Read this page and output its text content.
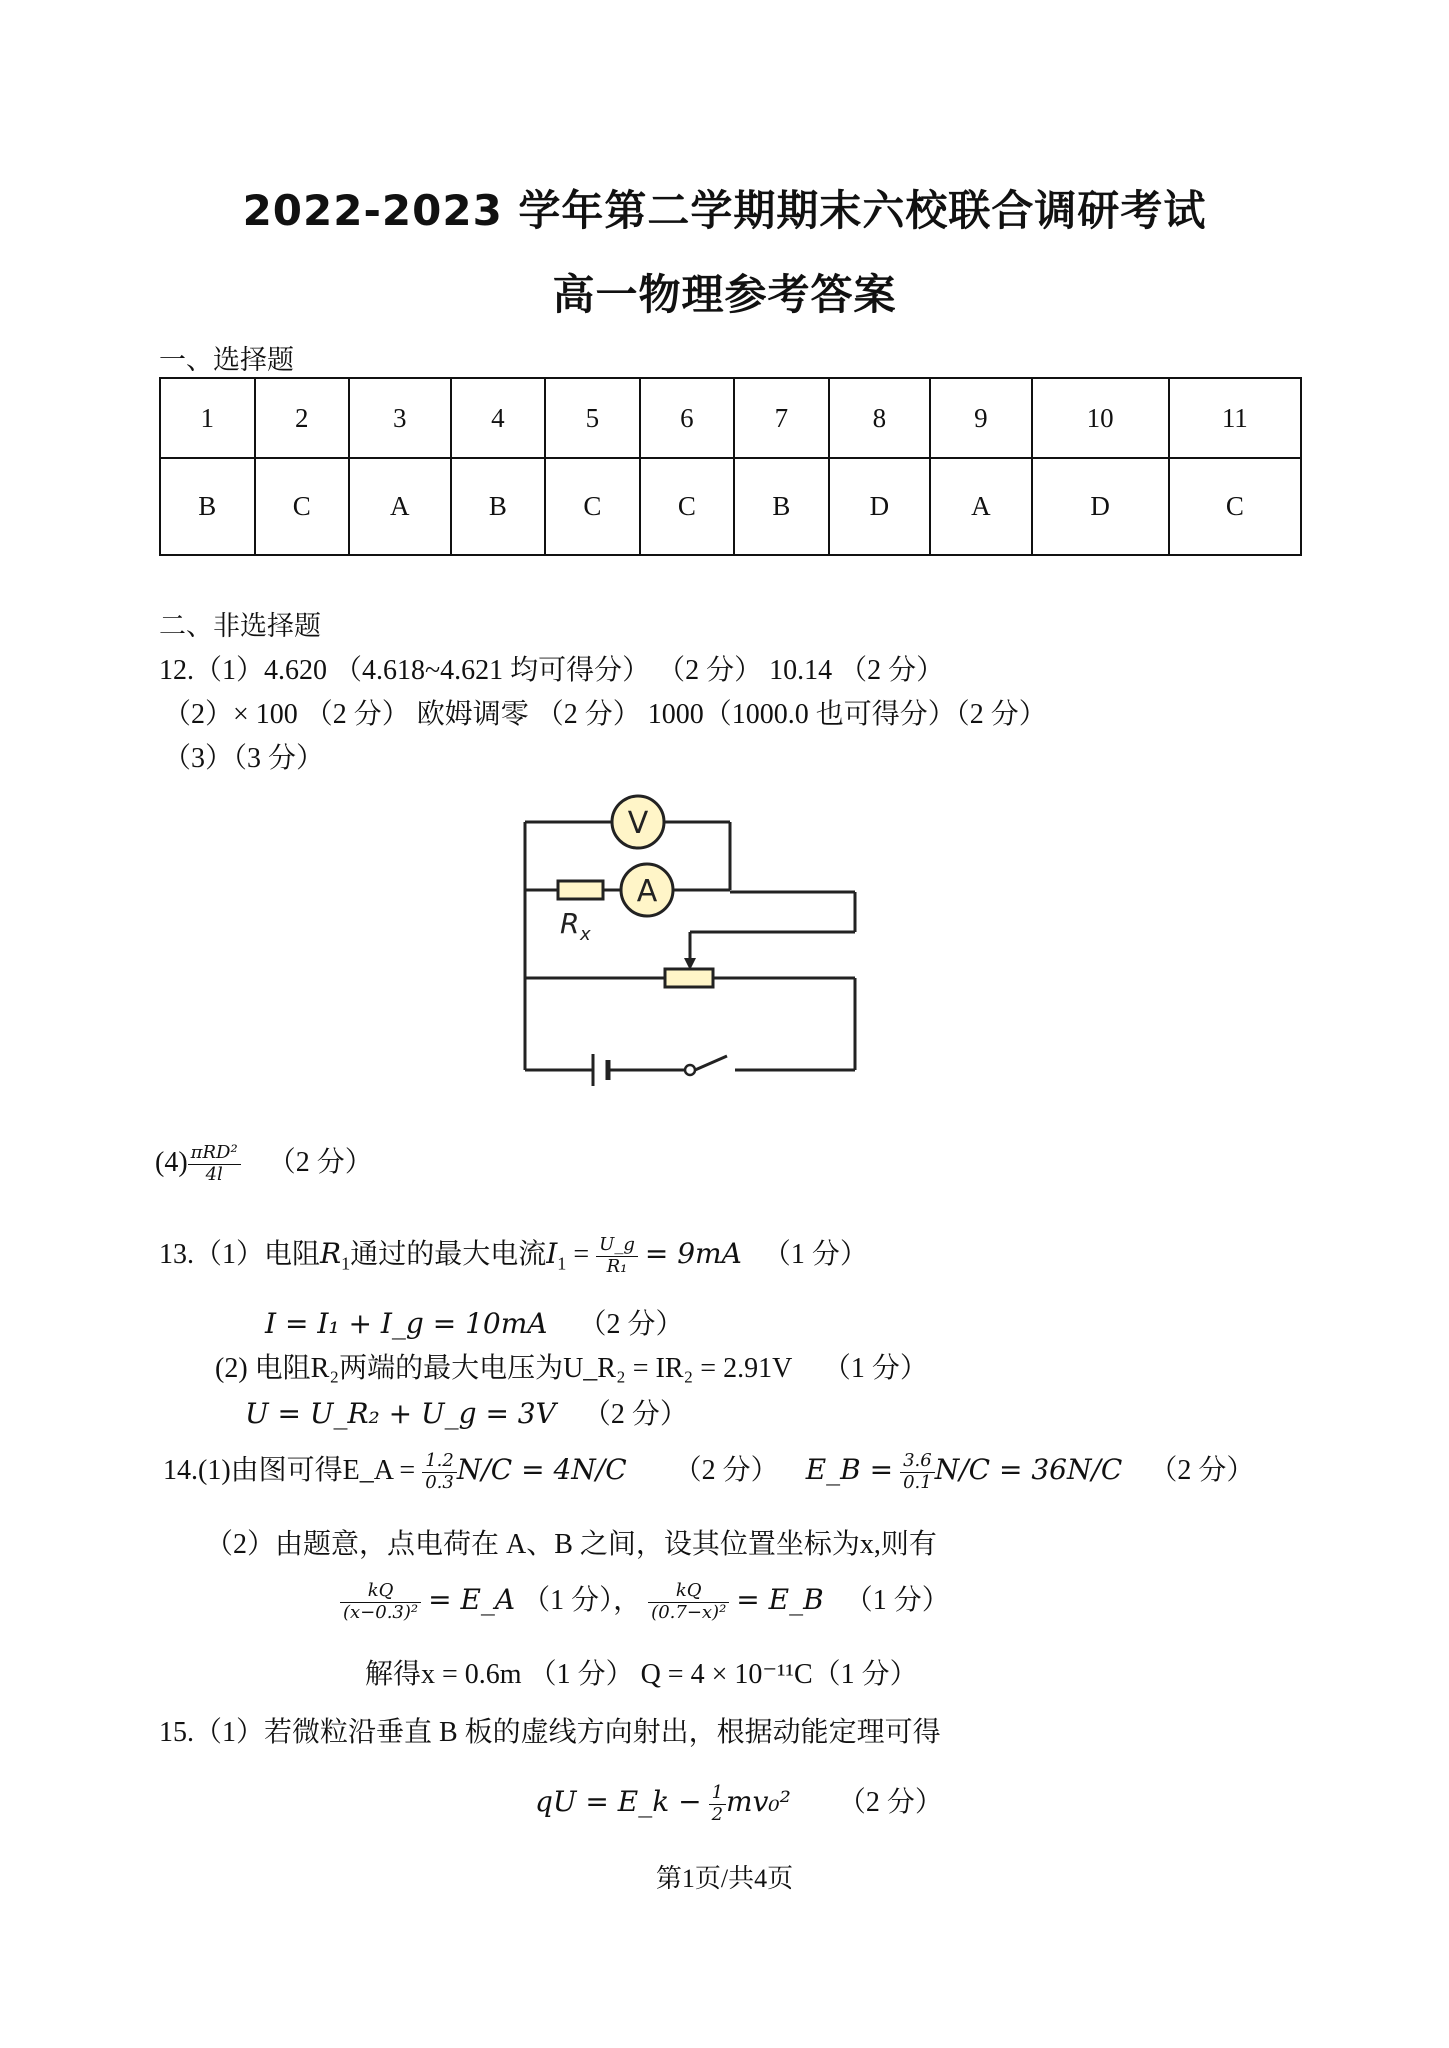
2022-2023 学年第二学期期末六校联合调研考试
高一物理参考答案
一、选择题
1	2	3	4	5	6	7	8	9	10	11
B	C	A	B	C	C	B	D	A	D	C
二、非选择题
12.（1）4.620 （4.618~4.621 均可得分） （2 分） 10.14 （2 分）
（2）× 100 （2 分） 欧姆调零 （2 分） 1000（1000.0 也可得分）（2 分）
（3）（3 分）
V
A
R x
$(4) \frac{\text{πRD²}}{4l} (2$ 分）
13.（1）电阻$R_1$通过的最大电流$I_1 = \frac{U\_g}{\text{R₁}} = 9mA$ （1 分）
I = I₁ + I_g = 10mA （2 分）
(2) 电阻R₂两端的最大电压为U_R₂ = IR₂ = 2.91V （1 分）
U = U_R₂ + U_g = 3V （2 分）
14.(1)由图可得E_A = $\frac{1.2}{0.3} N/C = 4N/C$ （2 分） E_B = $\frac{3.6}{0.1} N/C = 36N/C$ （2 分）
（2）由题意，点电荷在 A、B 之间，设其位置坐标为x,则有
$\frac{kQ}{\text{(x−0.3)²}}$ = E_A （1 分）， $\frac{kQ}{\text{(0.7−x)²}}$ = E_B （1 分）
解得x = 0.6m （1 分） Q = 4 × 10⁻¹¹C（1 分）
15.（1）若微粒沿垂直 B 板的虚线方向射出，根据动能定理可得
qU = E_k − $\frac{1}{2} mv_0^2$ （2 分）
第1页/共4页
